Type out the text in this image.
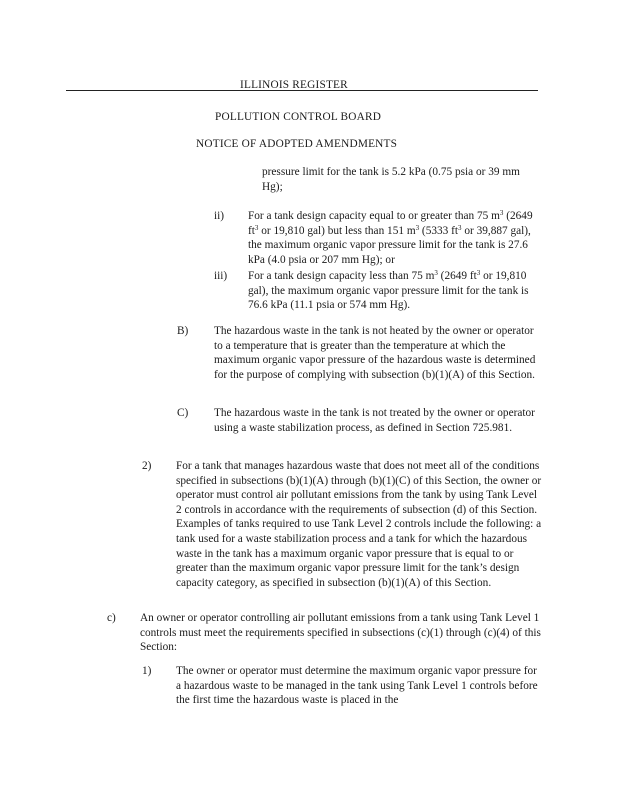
ILLINOIS REGISTER
POLLUTION CONTROL BOARD
NOTICE OF ADOPTED AMENDMENTS

pressure limit for the tank is 5.2 kPa (0.75 psia or 39 mm Hg);

ii) For a tank design capacity equal to or greater than 75 $m^3$ (2649 $ft^3$ or 19,810 gal) but less than 151 $m^3$ (5333 $ft^3$ or 39,887 gal), the maximum organic vapor pressure limit for the tank is 27.6 kPa (4.0 psia or 207 mm Hg); or

iii) For a tank design capacity less than 75 $m^3$ (2649 $ft^3$ or 19,810 gal), the maximum organic vapor pressure limit for the tank is 76.6 kPa (11.1 psia or 574 mm Hg).

B) The hazardous waste in the tank is not heated by the owner or operator to a temperature that is greater than the temperature at which the maximum organic vapor pressure of the hazardous waste is determined for the purpose of complying with subsection (b)(1)(A) of this Section.

C) The hazardous waste in the tank is not treated by the owner or operator using a waste stabilization process, as defined in Section 725.981.

2) For a tank that manages hazardous waste that does not meet all of the conditions specified in subsections (b)(1)(A) through (b)(1)(C) of this Section, the owner or operator must control air pollutant emissions from the tank by using Tank Level 2 controls in accordance with the requirements of subsection (d) of this Section. Examples of tanks required to use Tank Level 2 controls include the following: a tank used for a waste stabilization process and a tank for which the hazardous waste in the tank has a maximum organic vapor pressure that is equal to or greater than the maximum organic vapor pressure limit for the tank’s design capacity category, as specified in subsection (b)(1)(A) of this Section.

c) An owner or operator controlling air pollutant emissions from a tank using Tank Level 1 controls must meet the requirements specified in subsections (c)(1) through (c)(4) of this Section:

1) The owner or operator must determine the maximum organic vapor pressure for a hazardous waste to be managed in the tank using Tank Level 1 controls before the first time the hazardous waste is placed in the
